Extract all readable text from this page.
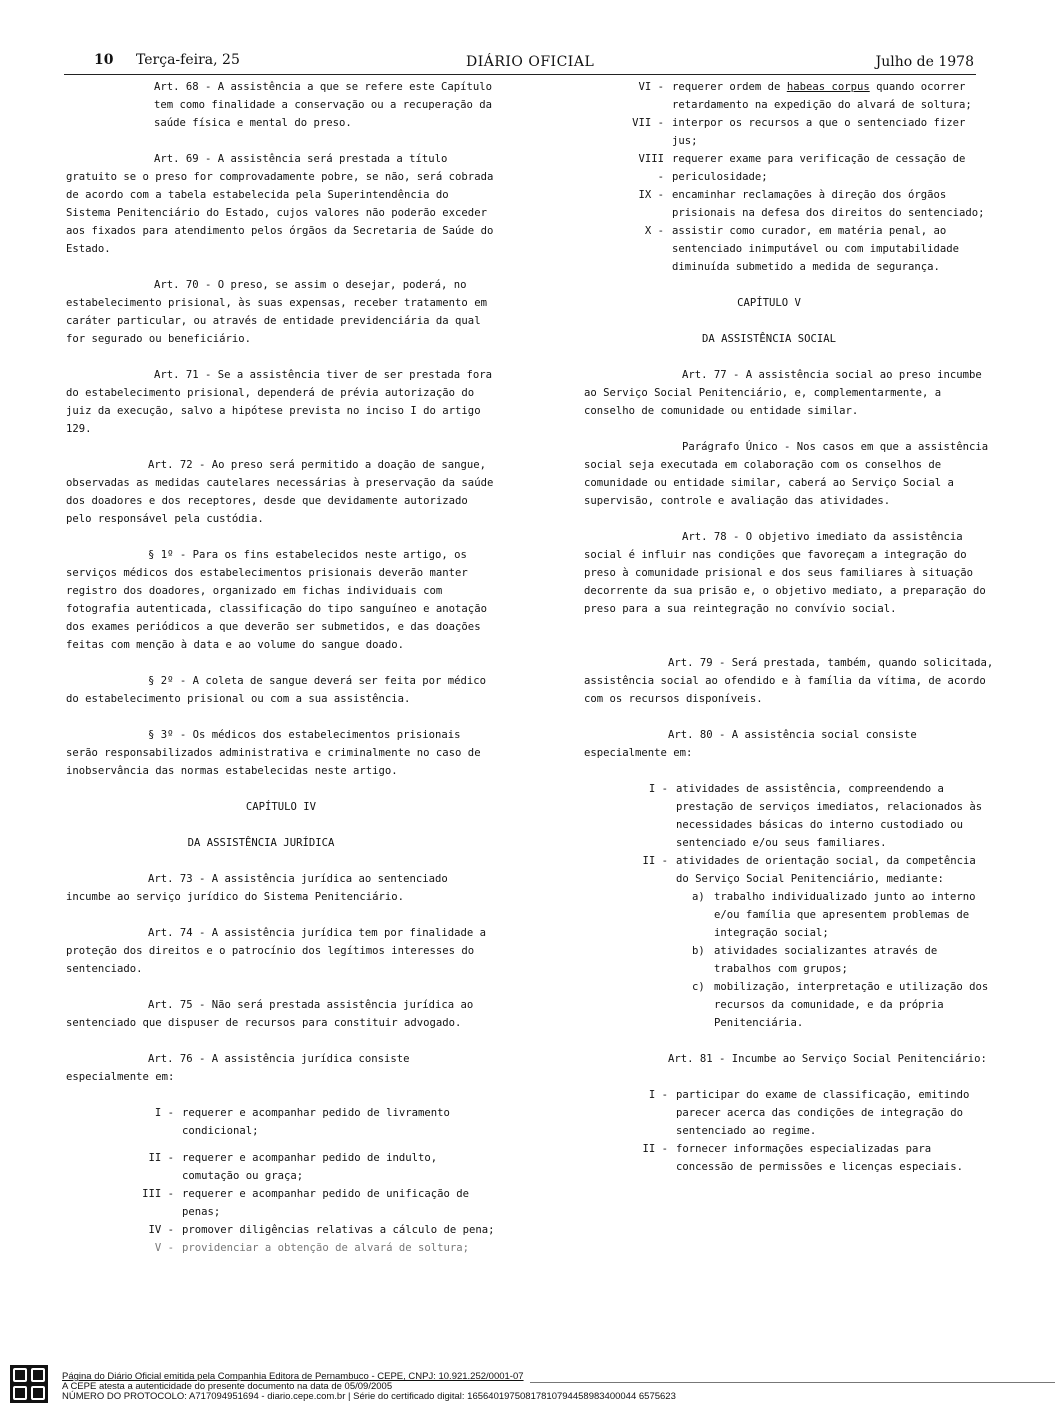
10 Terça-feira, 25	DIÁRIO OFICIAL	Julho de 1978

Art. 68 - A assistência a que se refere este Capítulo tem como finalidade a conservação ou a recuperação da saúde física e mental do preso.

Art. 69 - A assistência será prestada a título gratuito se o preso for comprovadamente pobre, se não, será cobrada de acordo com a tabela estabelecida pela Superintendência do Sistema Penitenciário do Estado, cujos valores não poderão exceder aos fixados para atendimento pelos órgãos da Secretaria de Saúde do Estado.

Art. 70 - O preso, se assim o desejar, poderá, no estabelecimento prisional, às suas expensas, receber tratamento em caráter particular, ou através de entidade previdenciária da qual for segurado ou beneficiário.

Art. 71 - Se a assistência tiver de ser prestada fora do estabelecimento prisional, dependerá de prévia autorização do juiz da execução, salvo a hipótese prevista no inciso I do artigo 129.

Art. 72 - Ao preso será permitido a doação de sangue, observadas as medidas cautelares necessárias à preservação da saúde dos doadores e dos receptores, desde que devidamente autorizado pelo responsável pela custódia.

§ 1º - Para os fins estabelecidos neste artigo, os serviços médicos dos estabelecimentos prisionais deverão manter registro dos doadores, organizado em fichas individuais com fotografia autenticada, classificação do tipo sanguíneo e anotação dos exames periódicos a que deverão ser submetidos, e das doações feitas com menção à data e ao volume do sangue doado.

§ 2º - A coleta de sangue deverá ser feita por médico do estabelecimento prisional ou com a sua assistência.

§ 3º - Os médicos dos estabelecimentos prisionais serão responsabilizados administrativa e criminalmente no caso de inobservância das normas estabelecidas neste artigo.

CAPÍTULO IV

DA ASSISTÊNCIA JURÍDICA

Art. 73 - A assistência jurídica ao sentenciado incumbe ao serviço jurídico do Sistema Penitenciário.

Art. 74 - A assistência jurídica tem por finalidade a proteção dos direitos e o patrocínio dos legítimos interesses do sentenciado.

Art. 75 - Não será prestada assistência jurídica ao sentenciado que dispuser de recursos para constituir advogado.

Art. 76 - A assistência jurídica consiste especialmente em:

I - requerer e acompanhar pedido de livramento condicional;
II - requerer e acompanhar pedido de indulto, comutação ou graça;
III - requerer e acompanhar pedido de unificação de penas;
IV - promover diligências relativas a cálculo de pena;
V - providenciar a obtenção de alvará de soltura;
VI - requerer ordem de habeas corpus quando ocorrer retardamento na expedição do alvará de soltura;
VII - interpor os recursos a que o sentenciado fizer jus;
VIII -
requerer exame para verificação de cessação de periculosidade;
IX - encaminhar reclamações à direção dos órgãos prisionais na defesa dos direitos do sentenciado;
X - assistir como curador, em matéria penal, ao sentenciado inimputável ou com imputabilidade diminuída submetido a medida de segurança.

CAPÍTULO V

DA ASSISTÊNCIA SOCIAL

Art. 77 - A assistência social ao preso incumbe ao Serviço Social Penitenciário, e, complementarmente, a conselho de comunidade ou entidade similar.

Parágrafo Único - Nos casos em que a assistência social seja executada em colaboração com os conselhos de comunidade ou entidade similar, caberá ao Serviço Social a supervisão, controle e avaliação das atividades.

Art. 78 - O objetivo imediato da assistência social é influir nas condições que favoreçam a integração do preso à comunidade prisional e dos seus familiares à situação decorrente da sua prisão e, o objetivo mediato, a preparação do preso para a sua reintegração no convívio social.

Art. 79 - Será prestada, também, quando solicitada, assistência social ao ofendido e à família da vítima, de acordo com os recursos disponíveis.

Art. 80 - A assistência social consiste especialmente em:

I - atividades de assistência, compreendendo a prestação de serviços imediatos, relacionados às necessidades básicas do interno custodiado ou sentenciado e/ou seus familiares.
II - atividades de orientação social, da competência do Serviço Social Penitenciário, mediante:
a) trabalho individualizado junto ao interno e/ou família que apresentem problemas de integração social;
b) atividades socializantes através de trabalhos com grupos;
c) mobilização, interpretação e utilização dos recursos da comunidade, e da própria Penitenciária.

Art. 81 - Incumbe ao Serviço Social Penitenciário:

I - participar do exame de classificação, emitindo parecer acerca das condições de integração do sentenciado ao regime.
II - fornecer informações especializadas para concessão de permissões e licenças especiais.
Página do Diário Oficial emitida pela Companhia Editora de Pernambuco - CEPE, CNPJ: 10.921.252/0001-07
A CEPE atesta a autenticidade do presente documento na data de 05/09/2005
NÚMERO DO PROTOCOLO: A717094951694 - diario.cepe.com.br | Série do certificado digital: 16564019750817810794458983400044 6575623
